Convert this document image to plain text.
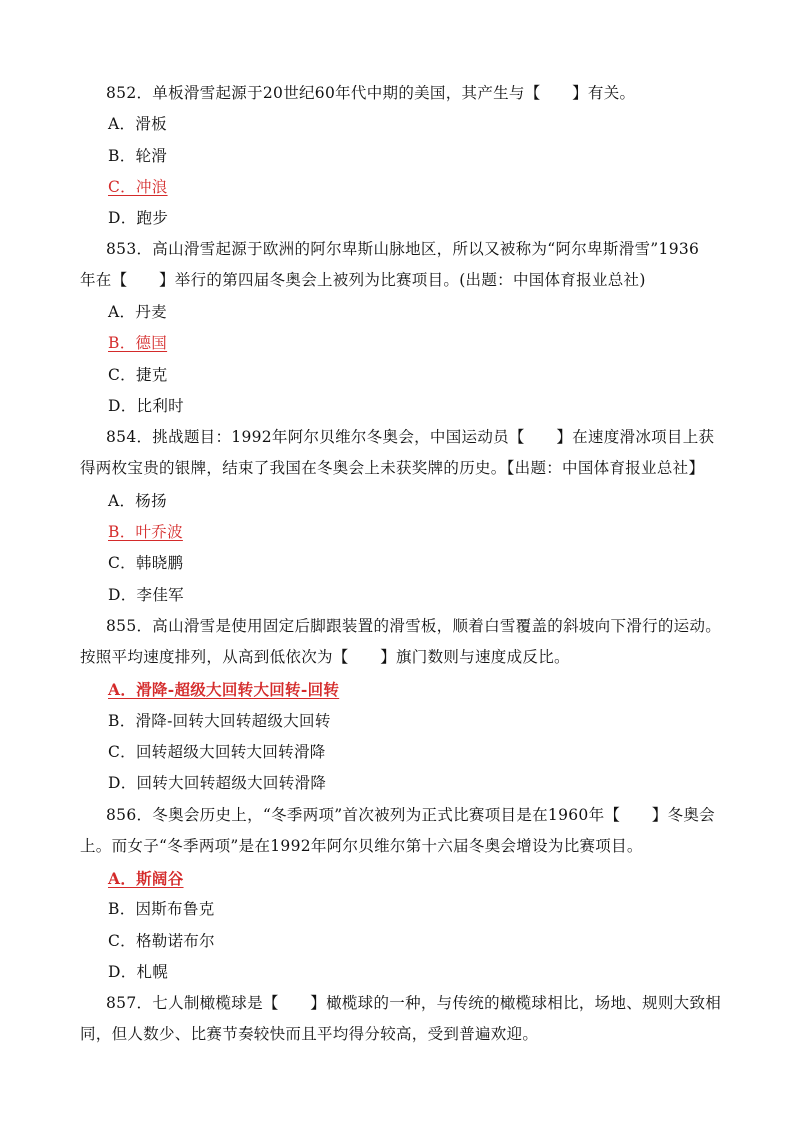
852．单板滑雪起源于20世纪60年代中期的美国，其产生与【　　】有关。
A．滑板
B．轮滑
C．冲浪
D．跑步
853．高山滑雪起源于欧洲的阿尔卑斯山脉地区，所以又被称为“阿尔卑斯滑雪”1936
年在【　　】举行的第四届冬奥会上被列为比赛项目。(出题：中国体育报业总社)
A．丹麦
B．德国
C．捷克
D．比利时
854．挑战题目：1992年阿尔贝维尔冬奥会，中国运动员【　　】在速度滑冰项目上获
得两枚宝贵的银牌，结束了我国在冬奥会上未获奖牌的历史。【出题：中国体育报业总社】
A．杨扬
B．叶乔波
C．韩晓鹏
D．李佳军
855．高山滑雪是使用固定后脚跟装置的滑雪板，顺着白雪覆盖的斜坡向下滑行的运动。
按照平均速度排列，从高到低依次为【　　】旗门数则与速度成反比。
A．滑降-超级大回转大回转-回转
B．滑降-回转大回转超级大回转
C．回转超级大回转大回转滑降
D．回转大回转超级大回转滑降
856．冬奥会历史上，“冬季两项”首次被列为正式比赛项目是在1960年【　　】冬奥会
上。而女子“冬季两项”是在1992年阿尔贝维尔第十六届冬奥会增设为比赛项目。
A．斯阔谷
B．因斯布鲁克
C．格勒诺布尔
D．札幌
857．七人制橄榄球是【　　】橄榄球的一种，与传统的橄榄球相比，场地、规则大致相
同，但人数少、比赛节奏较快而且平均得分较高，受到普遍欢迎。
